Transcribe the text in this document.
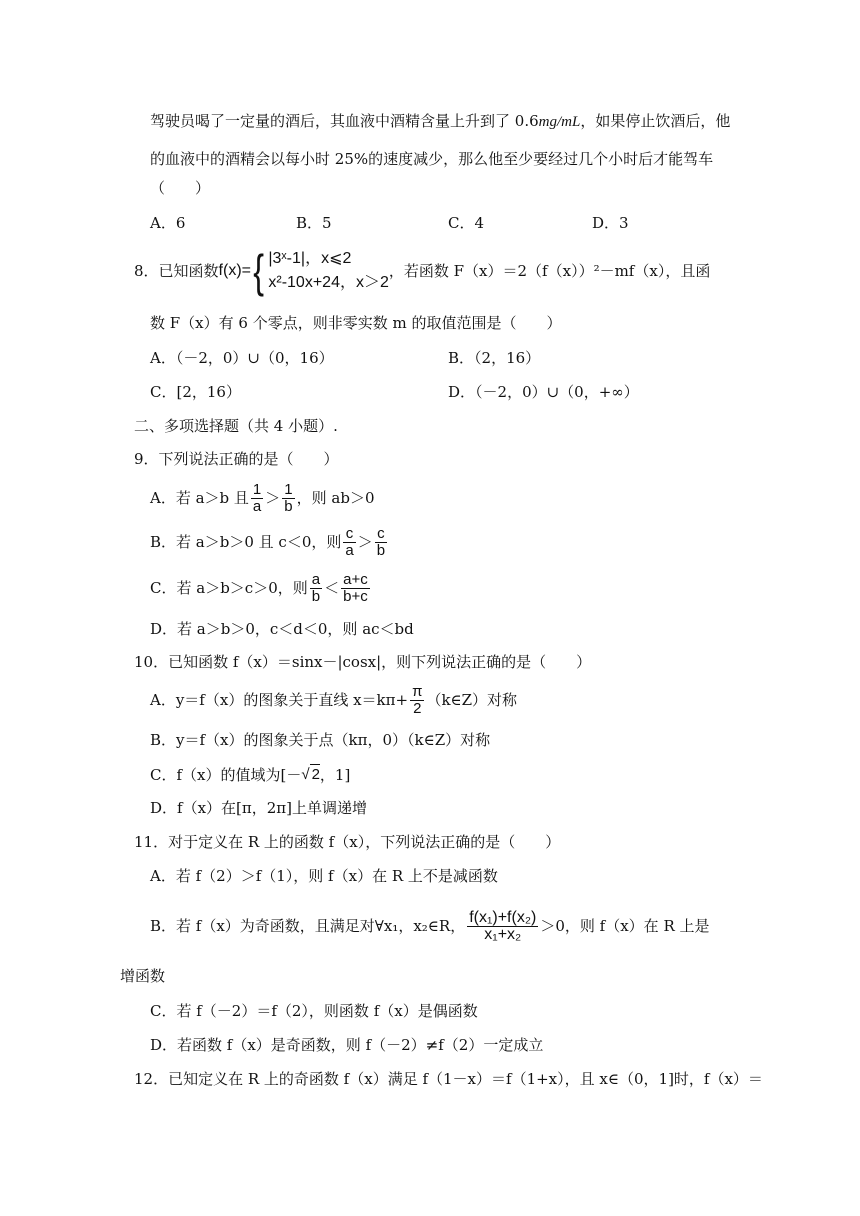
驾驶员喝了一定量的酒后，其血液中酒精含量上升到了 0.6mg/mL，如果停止饮酒后，他
的血液中的酒精会以每小时 25%的速度减少，那么他至少要经过几个小时后才能驾车
（　　）
A．6	B．5	C．4	D．3
8．已知函数 f(x)= { |3ˣ-1|，x⩽2
x²-10x+24，x＞2
，若函数 F（x）＝2（f（x））²－mf（x），且函
数 F（x）有 6 个零点，则非零实数 m 的取值范围是（　　）
A．（－2，0）∪（0，16）	B．（2，16）
C．[2，16）	D．（－2，0）∪（0，+∞）
二、多项选择题（共 4 小题）.
9．下列说法正确的是（　　）
A．若 a＞b 且 $\frac{1}{a} > \frac{1}{b}$ ，则 ab＞0
B．若 a＞b＞0 且 c＜0，则 $\frac{c}{a} > \frac{c}{b}$
C．若 a＞b＞c＞0，则 $\frac{a}{b} < \frac{a+c}{b+c}$
D．若 a＞b＞0，c＜d＜0，则 ac＜bd
10．已知函数 f（x）＝sinx－|cosx|，则下列说法正确的是（　　）
A．y＝f（x）的图象关于直线 $x=k\pi+ \frac{\pi}{2}$ （k∈Z）对称
B．y＝f（x）的图象关于点（kπ，0）（k∈Z）对称
C．f（x）的值域为[－ √ 2 ，1]
D．f（x）在[π，2π]上单调递增
11．对于定义在 R 上的函数 f（x），下列说法正确的是（　　）
A．若 f（2）＞f（1），则 f（x）在 R 上不是减函数
B．若 f（x）为奇函数，且满足对∀x₁，x₂∈R， $\frac{\text{f(x₁)+f(x₂)}}{\text{x₁+x₂}} >0$，则 f（x）在 R 上是
增函数
C．若 f（－2）＝f（2），则函数 f（x）是偶函数
D．若函数 f（x）是奇函数，则 f（－2）≠f（2）一定成立
12．已知定义在 R 上的奇函数 f（x）满足 f（1－x）＝f（1+x），且 x∈（0，1]时，f（x）＝
